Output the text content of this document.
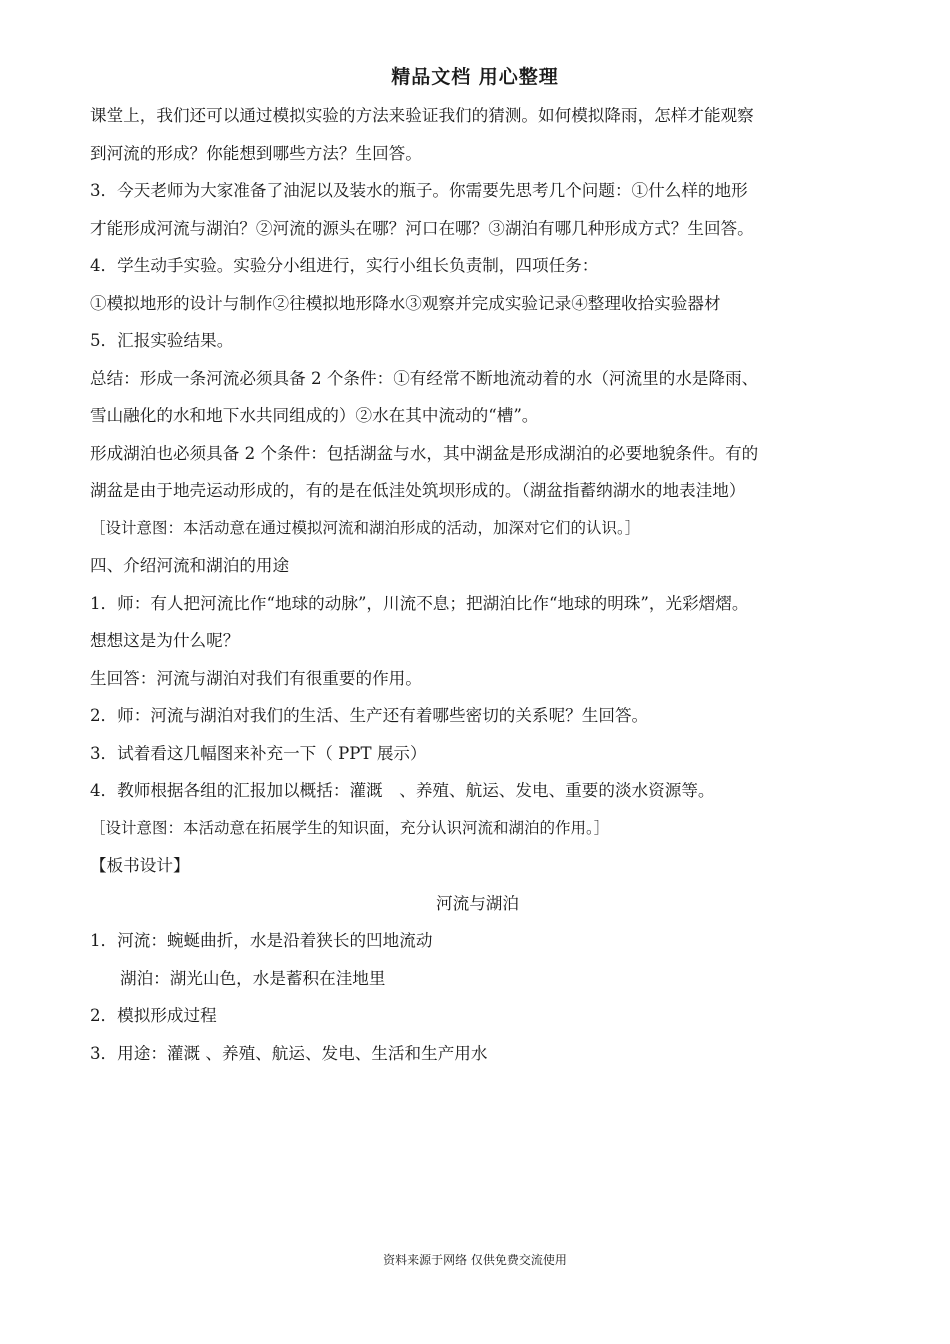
精品文档 用心整理
课堂上，我们还可以通过模拟实验的方法来验证我们的猜测。如何模拟降雨，怎样才能观察
到河流的形成？你能想到哪些方法？生回答。
3．今天老师为大家准备了油泥以及装水的瓶子。你需要先思考几个问题：①什么样的地形
才能形成河流与湖泊？②河流的源头在哪？河口在哪？③湖泊有哪几种形成方式？生回答。
4．学生动手实验。实验分小组进行，实行小组长负责制，四项任务：
①模拟地形的设计与制作②往模拟地形降水③观察并完成实验记录④整理收拾实验器材
5．汇报实验结果。
总结：形成一条河流必须具备 2 个条件：①有经常不断地流动着的水（河流里的水是降雨、
雪山融化的水和地下水共同组成的）②水在其中流动的“槽”。
形成湖泊也必须具备 2 个条件：包括湖盆与水，其中湖盆是形成湖泊的必要地貌条件。有的
湖盆是由于地壳运动形成的，有的是在低洼处筑坝形成的。（湖盆指蓄纳湖水的地表洼地）
［设计意图：本活动意在通过模拟河流和湖泊形成的活动，加深对它们的认识。］
四、介绍河流和湖泊的用途
1．师：有人把河流比作“地球的动脉”，川流不息；把湖泊比作“地球的明珠”，光彩熠熠。
想想这是为什么呢？
生回答：河流与湖泊对我们有很重要的作用。
2．师：河流与湖泊对我们的生活、生产还有着哪些密切的关系呢？生回答。
3．试着看这几幅图来补充一下（ PPT 展示）
4．教师根据各组的汇报加以概括：灌溉　、养殖、航运、发电、重要的淡水资源等。
［设计意图：本活动意在拓展学生的知识面，充分认识河流和湖泊的作用。］
【板书设计】
河流与湖泊
1．河流：蜿蜒曲折，水是沿着狭长的凹地流动
湖泊：湖光山色，水是蓄积在洼地里
2．模拟形成过程
3．用途：灌溉 、养殖、航运、发电、生活和生产用水
资料来源于网络 仅供免费交流使用
